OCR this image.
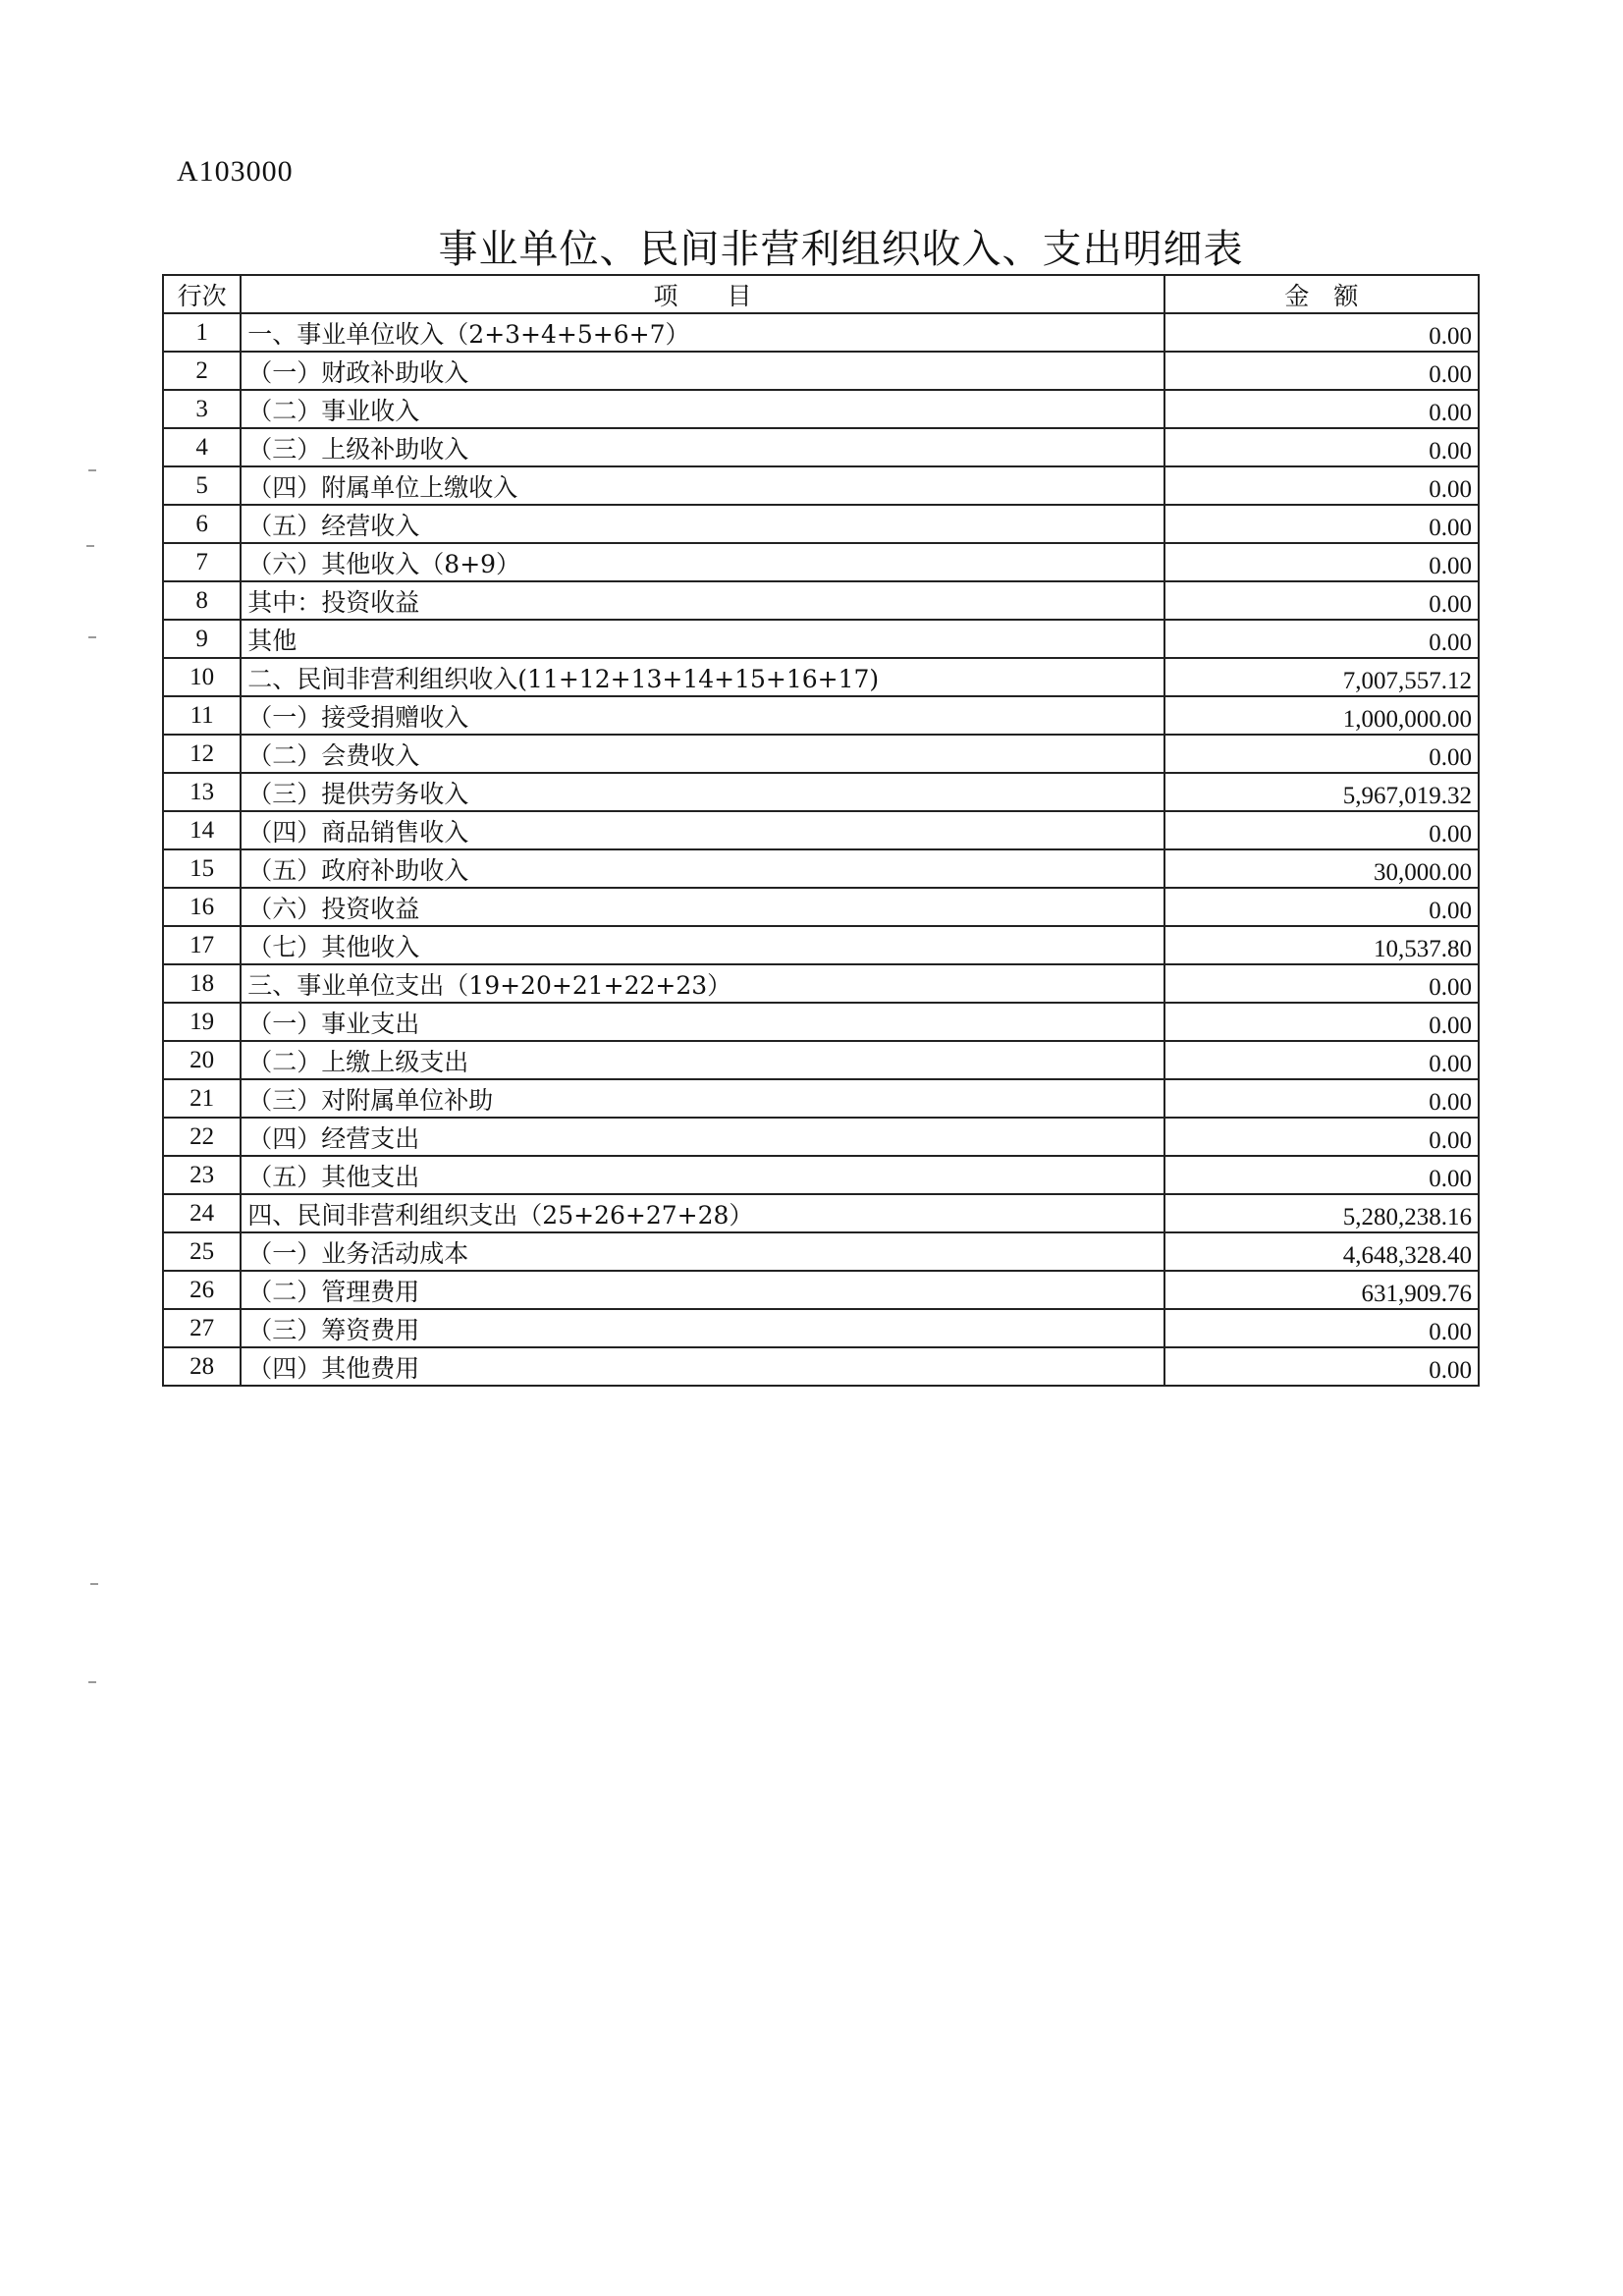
A103000
事业单位、民间非营利组织收入、支出明细表
行次	项　　目	金　额
1	一、事业单位收入（2+3+4+5+6+7）	0.00
2	（一）财政补助收入	0.00
3	（二）事业收入	0.00
4	（三）上级补助收入	0.00
5	（四）附属单位上缴收入	0.00
6	（五）经营收入	0.00
7	（六）其他收入（8+9）	0.00
8	其中：投资收益	0.00
9	其他	0.00
10	二、民间非营利组织收入(11+12+13+14+15+16+17)	7,007,557.12
11	（一）接受捐赠收入	1,000,000.00
12	（二）会费收入	0.00
13	（三）提供劳务收入	5,967,019.32
14	（四）商品销售收入	0.00
15	（五）政府补助收入	30,000.00
16	（六）投资收益	0.00
17	（七）其他收入	10,537.80
18	三、事业单位支出（19+20+21+22+23）	0.00
19	（一）事业支出	0.00
20	（二）上缴上级支出	0.00
21	（三）对附属单位补助	0.00
22	（四）经营支出	0.00
23	（五）其他支出	0.00
24	四、民间非营利组织支出（25+26+27+28）	5,280,238.16
25	（一）业务活动成本	4,648,328.40
26	（二）管理费用	631,909.76
27	（三）筹资费用	0.00
28	（四）其他费用	0.00
